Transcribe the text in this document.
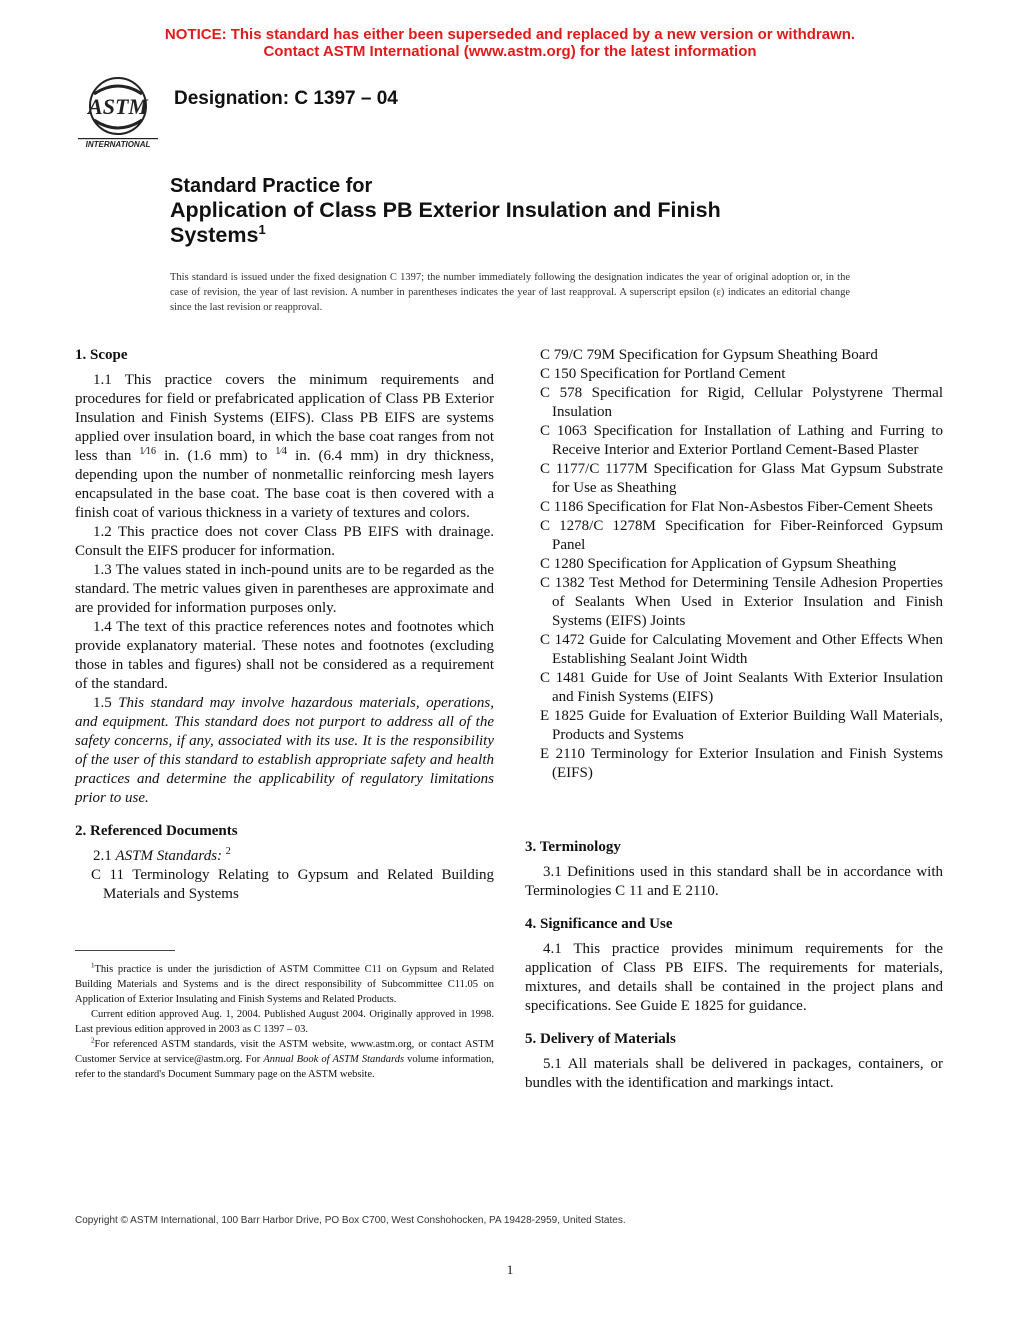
NOTICE: This standard has either been superseded and replaced by a new version or withdrawn.
Contact ASTM International (www.astm.org) for the latest information
ASTM
INTERNATIONAL
Designation: C 1397 – 04
Standard Practice for
Application of Class PB Exterior Insulation and Finish
Systems$^1$
This standard is issued under the fixed designation C 1397; the number immediately following the designation indicates the year of original adoption or, in the case of revision, the year of last revision. A number in parentheses indicates the year of last reapproval. A superscript epsilon (ε) indicates an editorial change since the last revision or reapproval.
1. Scope

1.1 This practice covers the minimum requirements and procedures for field or prefabricated application of Class PB Exterior Insulation and Finish Systems (EIFS). Class PB EIFS are systems applied over insulation board, in which the base coat ranges from not less than $^{1⁄16}$ in. (1.6 mm) to $^{1⁄4}$ in. (6.4 mm) in dry thickness, depending upon the number of nonmetallic reinforcing mesh layers encapsulated in the base coat. The base coat is then covered with a finish coat of various thickness in a variety of textures and colors.

1.2 This practice does not cover Class PB EIFS with drainage. Consult the EIFS producer for information.

1.3 The values stated in inch-pound units are to be regarded as the standard. The metric values given in parentheses are approximate and are provided for information purposes only.

1.4 The text of this practice references notes and footnotes which provide explanatory material. These notes and footnotes (excluding those in tables and figures) shall not be considered as a requirement of the standard.

1.5 This standard may involve hazardous materials, operations, and equipment. This standard does not purport to address all of the safety concerns, if any, associated with its use. It is the responsibility of the user of this standard to establish appropriate safety and health practices and determine the applicability of regulatory limitations prior to use.

2. Referenced Documents

2.1 ASTM Standards: $^2$

C 11 Terminology Relating to Gypsum and Related Building Materials and Systems

C 79/C 79M Specification for Gypsum Sheathing Board

C 150 Specification for Portland Cement

C 578 Specification for Rigid, Cellular Polystyrene Thermal Insulation

C 1063 Specification for Installation of Lathing and Furring to Receive Interior and Exterior Portland Cement-Based Plaster

C 1177/C 1177M Specification for Glass Mat Gypsum Substrate for Use as Sheathing

C 1186 Specification for Flat Non-Asbestos Fiber-Cement Sheets

C 1278/C 1278M Specification for Fiber-Reinforced Gypsum Panel

C 1280 Specification for Application of Gypsum Sheathing

C 1382 Test Method for Determining Tensile Adhesion Properties of Sealants When Used in Exterior Insulation and Finish Systems (EIFS) Joints

C 1472 Guide for Calculating Movement and Other Effects When Establishing Sealant Joint Width

C 1481 Guide for Use of Joint Sealants With Exterior Insulation and Finish Systems (EIFS)

E 1825 Guide for Evaluation of Exterior Building Wall Materials, Products and Systems

E 2110 Terminology for Exterior Insulation and Finish Systems (EIFS)

3. Terminology

3.1 Definitions used in this standard shall be in accordance with Terminologies C 11 and E 2110.

4. Significance and Use

4.1 This practice provides minimum requirements for the application of Class PB EIFS. The requirements for materials, mixtures, and details shall be contained in the project plans and specifications. See Guide E 1825 for guidance.

5. Delivery of Materials

5.1 All materials shall be delivered in packages, containers, or bundles with the identification and markings intact.

$^1$This practice is under the jurisdiction of ASTM Committee C11 on Gypsum and Related Building Materials and Systems and is the direct responsibility of Subcommittee C11.05 on Application of Exterior Insulating and Finish Systems and Related Products.

Current edition approved Aug. 1, 2004. Published August 2004. Originally approved in 1998. Last previous edition approved in 2003 as C 1397 – 03.

$^2$For referenced ASTM standards, visit the ASTM website, www.astm.org, or contact ASTM Customer Service at service@astm.org. For Annual Book of ASTM Standards volume information, refer to the standard's Document Summary page on the ASTM website.

Copyright © ASTM International, 100 Barr Harbor Drive, PO Box C700, West Conshohocken, PA 19428-2959, United States.
1
